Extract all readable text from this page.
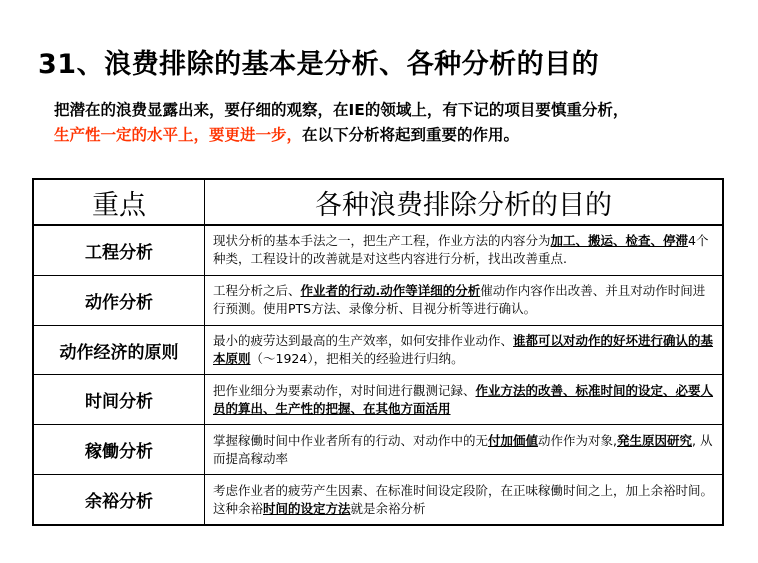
31、浪费排除的基本是分析、各种分析的目的
把潜在的浪费显露出来，要仔细的观察，在IE的领域上，有下记的项目要慎重分析，
生产性一定的水平上，要更进一步，在以下分析将起到重要的作用。
重点	各种浪费排除分析的目的
工程分析	现状分析的基本手法之一，把生产工程，作业方法的内容分为加工、搬运、检查、停滞4个种类，工程设计的改善就是对这些内容进行分析，找出改善重点.

动作分析	工程分析之后、作业者的行动.动作等详细的分析催动作内容作出改善、并且对动作时间进行预测。使用PTS方法、录像分析、目视分析等进行确认。

动作经济的原则	最小的疲劳达到最高的生产效率，如何安排作业动作、谁都可以对动作的好坏进行确认的基本原则（～1924），把相关的经验进行归纳。

时间分析	把作业细分为要素动作，对时间进行觀测记録、作业方法的改善、标准时间的设定、必要人员的算出、生产性的把握、在其他方面活用

稼働分析	掌握稼働时间中作业者所有的行动、对动作中的无付加価値动作作为对象,発生原因研究, 从而提高稼动率

余裕分析	考虑作业者的疲劳产生因素、在标准时间设定段阶，在正味稼働时间之上，加上余裕时间。这种余裕时间的设定方法就是余裕分析
